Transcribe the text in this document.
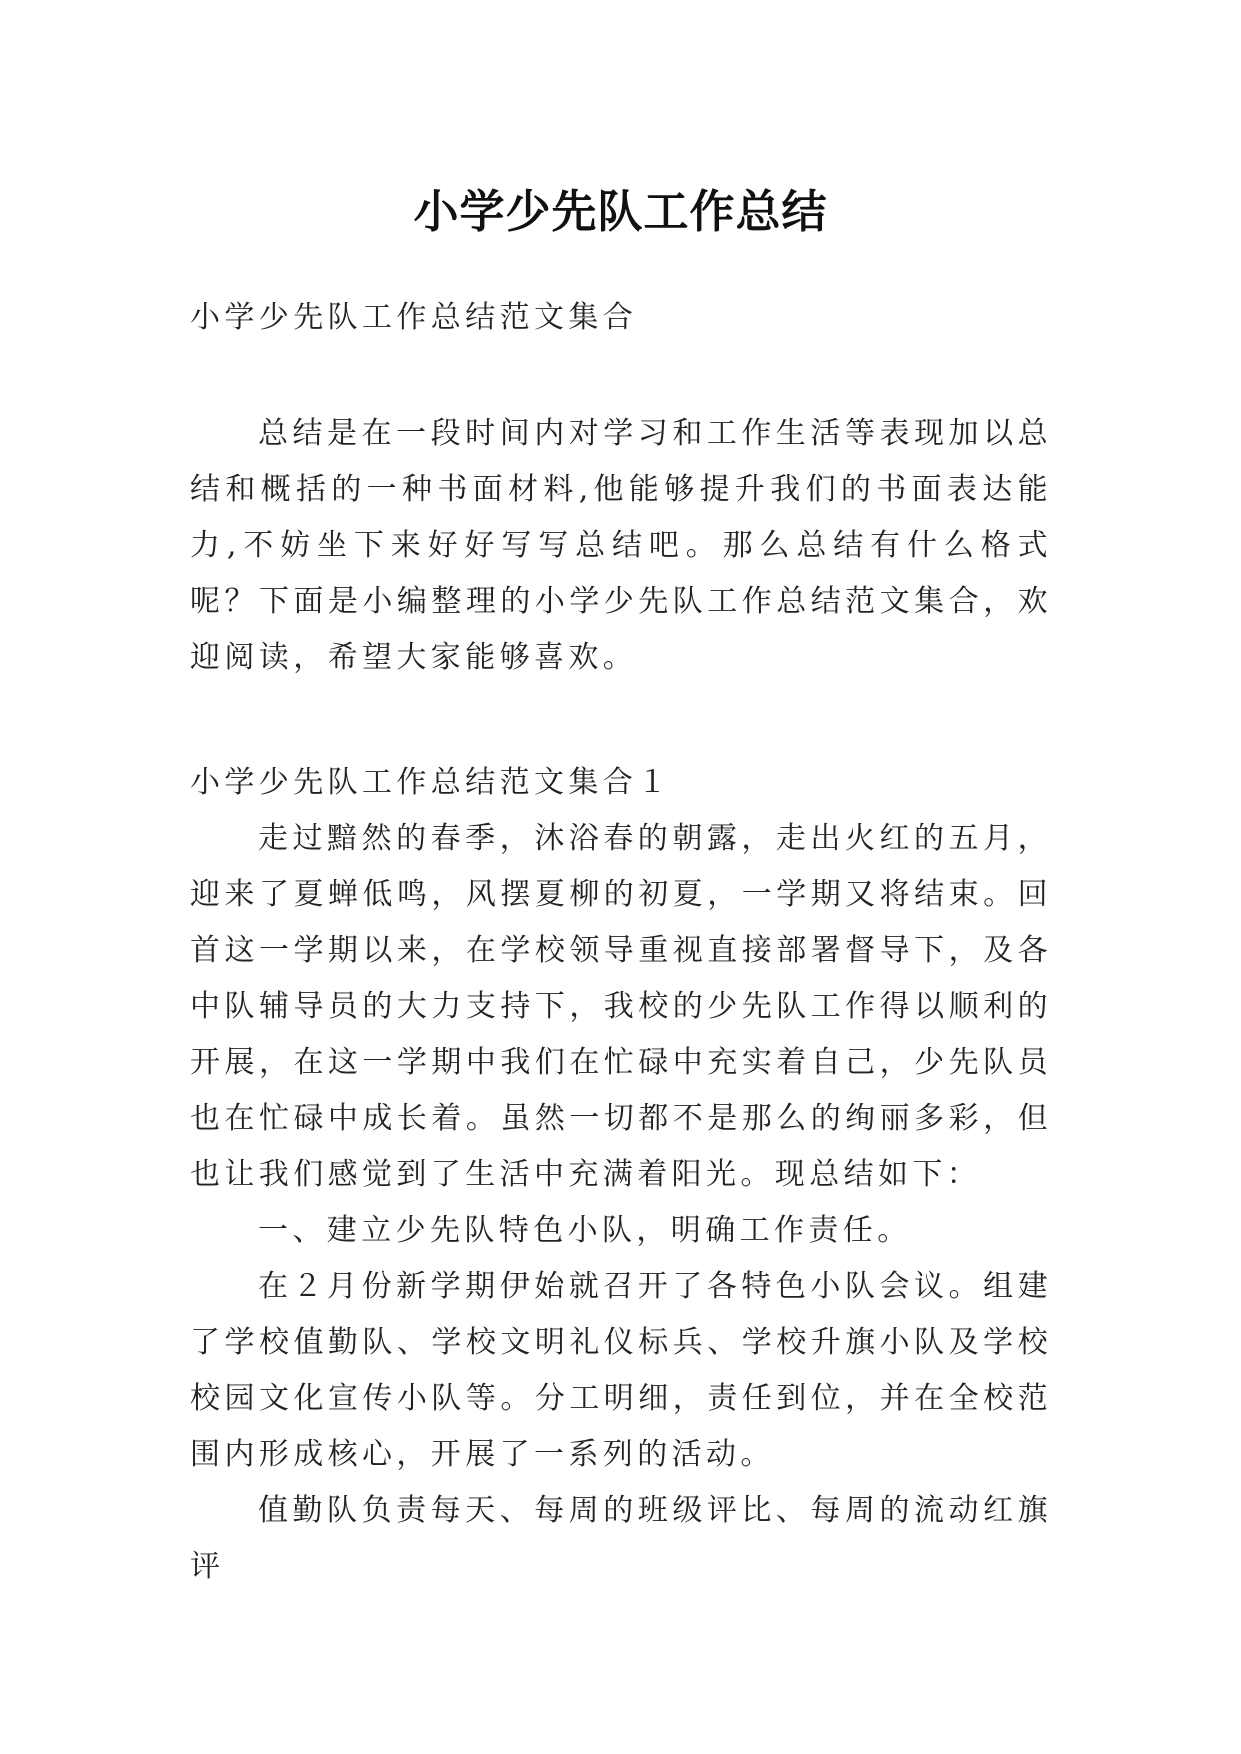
小学少先队工作总结

小学少先队工作总结范文集合

总结是在一段时间内对学习和工作生活等表现加以总结和概括的一种书面材料,他能够提升我们的书面表达能力,不妨坐下来好好写写总结吧。那么总结有什么格式呢？下面是小编整理的小学少先队工作总结范文集合，欢迎阅读，希望大家能够喜欢。

小学少先队工作总结范文集合１

走过黯然的春季，沐浴春的朝露，走出火红的五月，迎来了夏蝉低鸣，风摆夏柳的初夏，一学期又将结束。回首这一学期以来，在学校领导重视直接部署督导下，及各中队辅导员的大力支持下，我校的少先队工作得以顺利的开展，在这一学期中我们在忙碌中充实着自己，少先队员也在忙碌中成长着。虽然一切都不是那么的绚丽多彩，但也让我们感觉到了生活中充满着阳光。现总结如下：

一、建立少先队特色小队，明确工作责任。

在２月份新学期伊始就召开了各特色小队会议。组建了学校值勤队、学校文明礼仪标兵、学校升旗小队及学校校园文化宣传小队等。分工明细，责任到位，并在全校范围内形成核心，开展了一系列的活动。

值勤队负责每天、每周的班级评比、每周的流动红旗评
